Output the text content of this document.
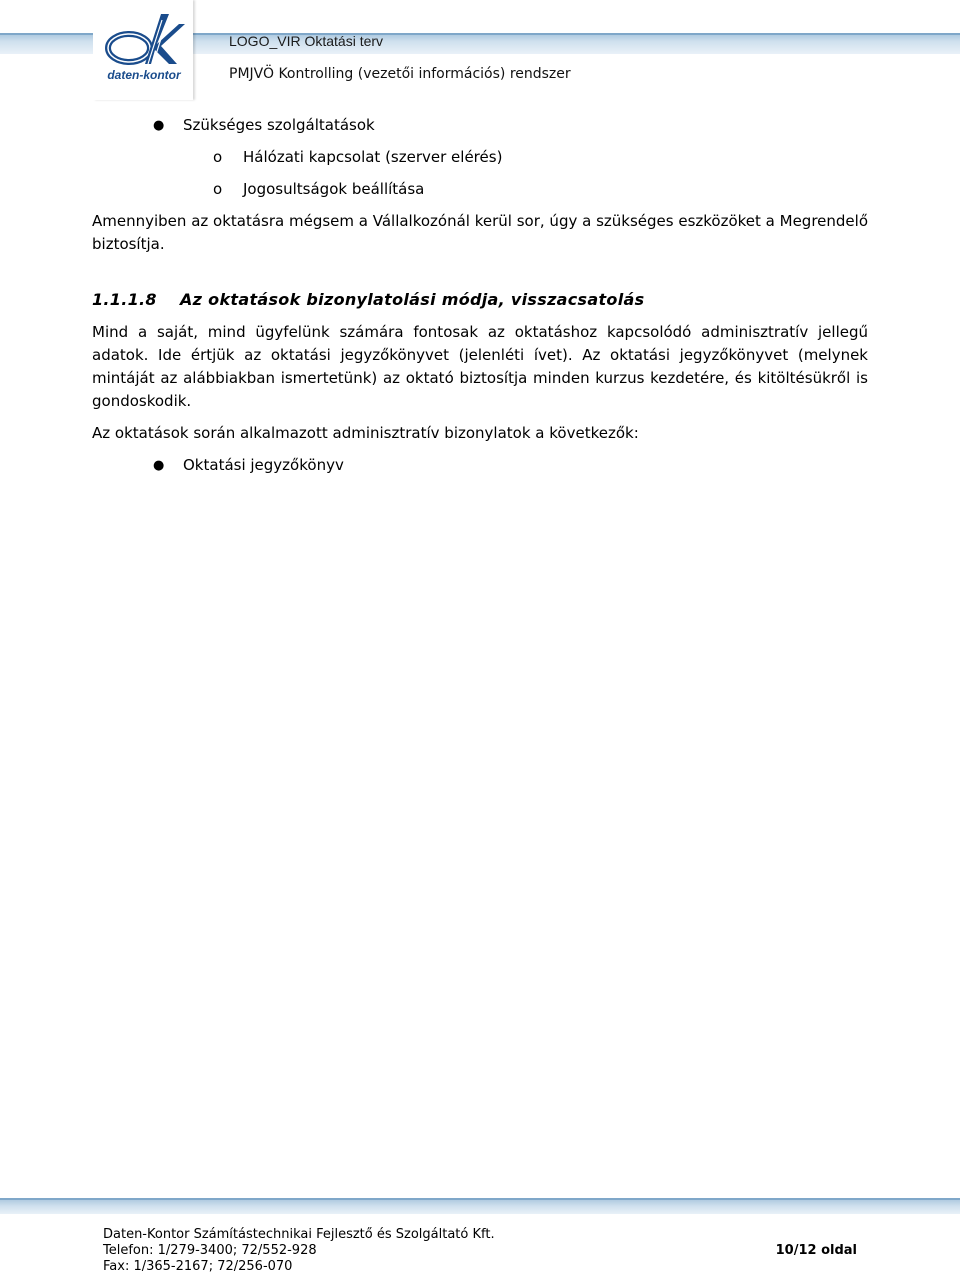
daten-kontor
LOGO_VIR Oktatási terv
PMJVÖ Kontrolling (vezetői információs) rendszer
● Szükséges szolgáltatások
o Hálózati kapcsolat (szerver elérés)
o Jogosultságok beállítása
Amennyiben az oktatásra mégsem a Vállalkozónál kerül sor, úgy a szükséges eszközöket a Megrendelő biztosítja.
1.1.1.8 Az oktatások bizonylatolási módja, visszacsatolás
Mind a saját, mind ügyfelünk számára fontosak az oktatáshoz kapcsolódó adminisztratív jellegű adatok. Ide értjük az oktatási jegyzőkönyvet (jelenléti ívet). Az oktatási jegyzőkönyvet (melynek mintáját az alábbiakban ismertetünk) az oktató biztosítja minden kurzus kezdetére, és kitöltésükről is gondoskodik.
Az oktatások során alkalmazott adminisztratív bizonylatok a következők:
● Oktatási jegyzőkönyv
Daten-Kontor Számítástechnikai Fejlesztő és Szolgáltató Kft.
Telefon: 1/279-3400; 72/552-928
Fax: 1/365-2167; 72/256-070
10/12 oldal
